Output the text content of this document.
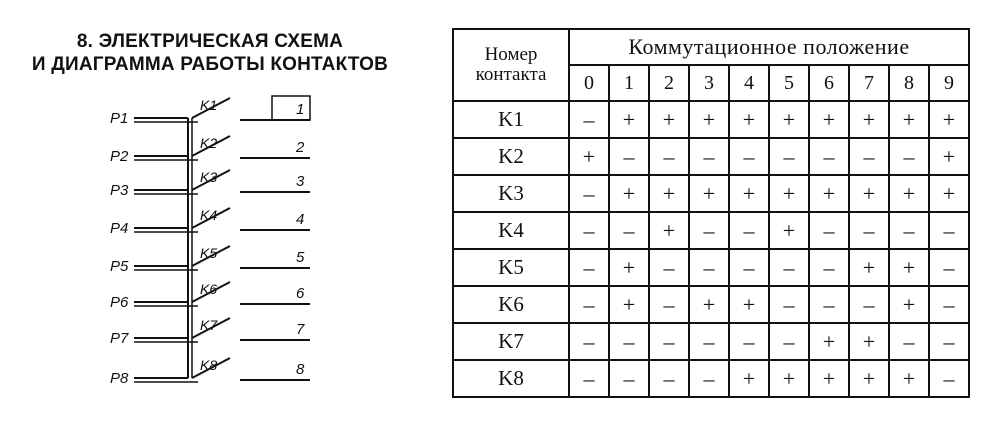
8. ЭЛЕКТРИЧЕСКАЯ СХЕМА
И ДИАГРАММА РАБОТЫ КОНТАКТОВ
P1
P2
P3
P4
P5
P6
P7
P8
K1
K2
K3
K4
K5
K6
K7
K8
1
2
3
4
5
6
7
8
Номер контакта	Коммутационное положение									
	0	1	2	3	4	5	6	7	8	9
K1	–	+	+	+	+	+	+	+	+	+
K2	+	–	–	–	–	–	–	–	–	+
K3	–	+	+	+	+	+	+	+	+	+
K4	–	–	+	–	–	+	–	–	–	–
K5	–	+	–	–	–	–	–	+	+	–
K6	–	+	–	+	+	–	–	–	+	–
K7	–	–	–	–	–	–	+	+	–	–
K8	–	–	–	–	+	+	+	+	+	–
